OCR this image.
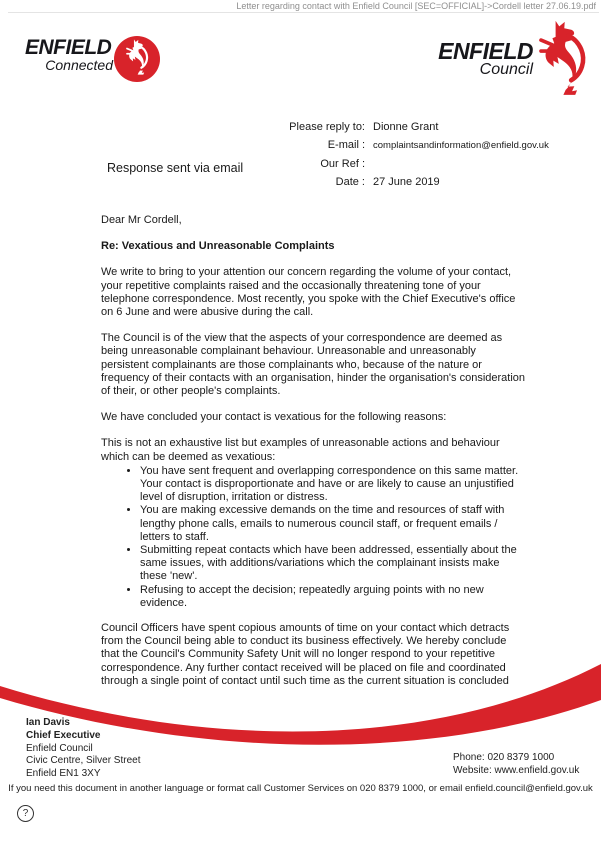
Letter regarding contact with Enfield Council [SEC=OFFICIAL]->Cordell letter 27.06.19.pdf
ENFIELD
Connected
ENFIELD
Council
Please reply to: Dionne Grant
E-mail : complaintsandinformation@enfield.gov.uk
Our Ref :
Date : 27 June 2019
Response sent via email

Dear Mr Cordell,

Re: Vexatious and Unreasonable Complaints

We write to bring to your attention our concern regarding the volume of your contact, your repetitive complaints raised and the occasionally threatening tone of your telephone correspondence. Most recently, you spoke with the Chief Executive's office on 6 June and were abusive during the call.

The Council is of the view that the aspects of your correspondence are deemed as being unreasonable complainant behaviour. Unreasonable and unreasonably persistent complainants are those complainants who, because of the nature or frequency of their contacts with an organisation, hinder the organisation's consideration of their, or other people's complaints.

We have concluded your contact is vexatious for the following reasons:

This is not an exhaustive list but examples of unreasonable actions and behaviour which can be deemed as vexatious:

• You have sent frequent and overlapping correspondence on this same matter. Your contact is disproportionate and have or are likely to cause an unjustified level of disruption, irritation or distress.
• You are making excessive demands on the time and resources of staff with lengthy phone calls, emails to numerous council staff, or frequent emails / letters to staff.
• Submitting repeat contacts which have been addressed, essentially about the same issues, with additions/variations which the complainant insists make these 'new'.
• Refusing to accept the decision; repeatedly arguing points with no new evidence.

Council Officers have spent copious amounts of time on your contact which detracts from the Council being able to conduct its business effectively. We hereby conclude that the Council's Community Safety Unit will no longer respond to your repetitive correspondence. Any further contact received will be placed on file and coordinated through a single point of contact until such time as the current situation is concluded

Ian Davis
Chief Executive
Enfield Council
Civic Centre, Silver Street
Enfield EN1 3XY
Phone: 020 8379 1000
Website: www.enfield.gov.uk
If you need this document in another language or format call Customer Services on 020 8379 1000, or email enfield.council@enfield.gov.uk
?
